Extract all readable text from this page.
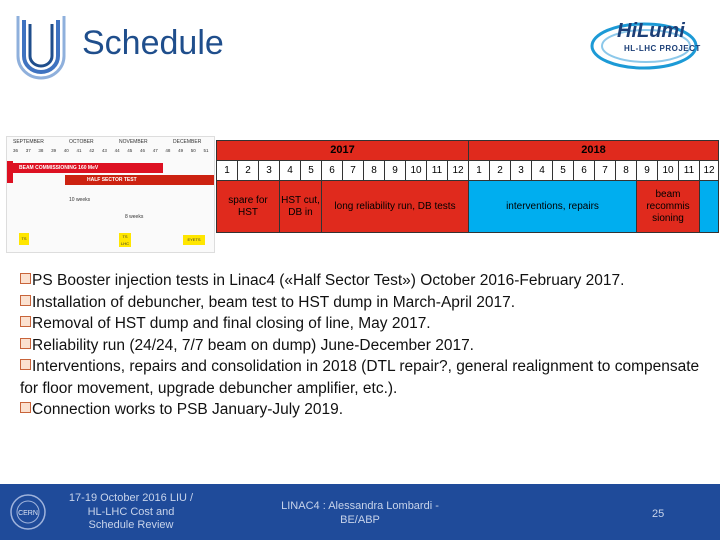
Schedule	HiLumi
HL-LHC PROJECT
SEPTEMBER	OCTOBER	NOVEMBER	DECEMBER
36 37 38 39 40 41 42 43 44 45 46 47 48 49 50 51
BEAM COMMISSIONING 160 MeV
HALF SECTOR TEST
10 weeks
8 weeks
TS	TS LHC
EYETS
2017												2018											
1	2	3	4	5	6	7	8	9	10	11	12	1	2	3	4	5	6	7	8	9	10	11	12
spare for HST			HST cut, DB in		long reliability run, DB tests							interventions, repairs								beam recommis sioning			

PS Booster injection tests in Linac4 («Half Sector Test») October 2016-February 2017.

Installation of debuncher, beam test to HST dump in March-April 2017.

Removal of HST dump and final closing of line, May 2017.

Reliability run (24/24, 7/7 beam on dump) June-December 2017.

Interventions, repairs and consolidation in 2018 (DTL repair?, general realignment to compensate for floor movement, upgrade debuncher amplifier, etc.).

Connection works to PSB January-July 2019.

CERN
17-19 October 2016 LIU / HL-LHC Cost and Schedule Review
LINAC4 : Alessandra Lombardi - BE/ABP	25
